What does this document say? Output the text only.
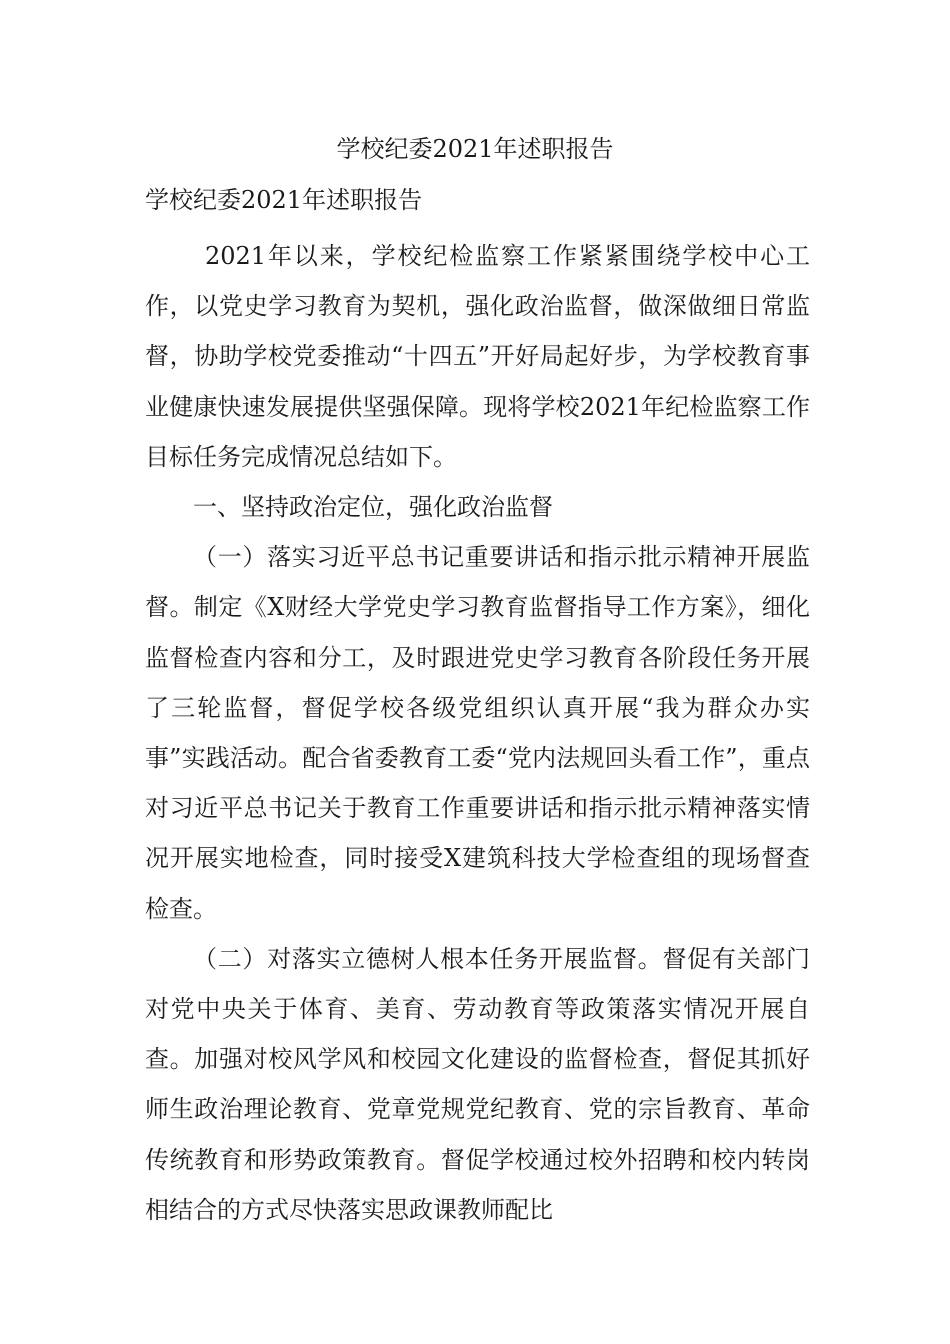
学校纪委2021年述职报告
学校纪委2021年述职报告

2021年以来，学校纪检监察工作紧紧围绕学校中心工作，以党史学习教育为契机，强化政治监督，做深做细日常监督，协助学校党委推动“十四五”开好局起好步，为学校教育事业健康快速发展提供坚强保障。现将学校2021年纪检监察工作目标任务完成情况总结如下。

一、坚持政治定位，强化政治监督

（一）落实习近平总书记重要讲话和指示批示精神开展监督。制定《X财经大学党史学习教育监督指导工作方案》，细化监督检查内容和分工，及时跟进党史学习教育各阶段任务开展了三轮监督，督促学校各级党组织认真开展“我为群众办实事”实践活动。配合省委教育工委“党内法规回头看工作”，重点对习近平总书记关于教育工作重要讲话和指示批示精神落实情况开展实地检查，同时接受X建筑科技大学检查组的现场督查检查。

（二）对落实立德树人根本任务开展监督。督促有关部门对党中央关于体育、美育、劳动教育等政策落实情况开展自查。加强对校风学风和校园文化建设的监督检查，督促其抓好师生政治理论教育、党章党规党纪教育、党的宗旨教育、革命传统教育和形势政策教育。督促学校通过校外招聘和校内转岗相结合的方式尽快落实思政课教师配比
